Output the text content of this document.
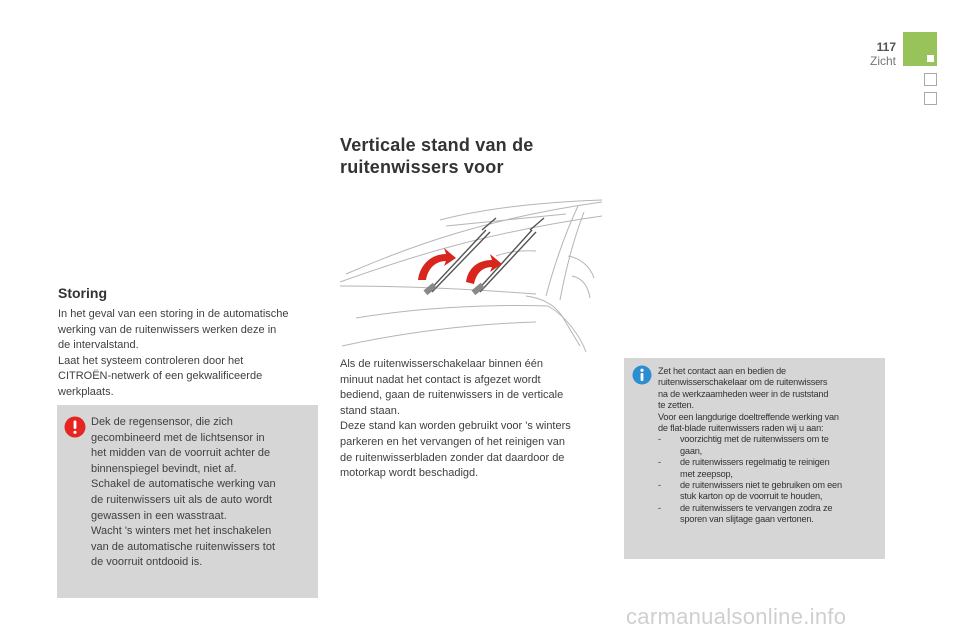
117
Zicht
Verticale stand van de
ruitenwissers voor
Storing
In het geval van een storing in de automatische
werking van de ruitenwissers werken deze in
de intervalstand.
Laat het systeem controleren door het
CITROËN-netwerk of een gekwalificeerde
werkplaats.
Dek de regensensor, die zich
gecombineerd met de lichtsensor in
het midden van de voorruit achter de
binnenspiegel bevindt, niet af.
Schakel de automatische werking van
de ruitenwissers uit als de auto wordt
gewassen in een wasstraat.
Wacht 's winters met het inschakelen
van de automatische ruitenwissers tot
de voorruit ontdooid is.
Als de ruitenwisserschakelaar binnen één
minuut nadat het contact is afgezet wordt
bediend, gaan de ruitenwissers in de verticale
stand staan.
Deze stand kan worden gebruikt voor 's winters
parkeren en het vervangen of het reinigen van
de ruitenwisserbladen zonder dat daardoor de
motorkap wordt beschadigd.
Zet het contact aan en bedien de
ruitenwisserschakelaar om de ruitenwissers
na de werkzaamheden weer in de ruststand
te zetten.
Voor een langdurige doeltreffende werking van
de flat-blade ruitenwissers raden wij u aan:
- voorzichtig met de ruitenwissers om te
gaan,
- de ruitenwissers regelmatig te reinigen
met zeepsop,
- de ruitenwissers niet te gebruiken om een
stuk karton op de voorruit te houden,
- de ruitenwissers te vervangen zodra ze
sporen van slijtage gaan vertonen.
carmanualsonline.info
